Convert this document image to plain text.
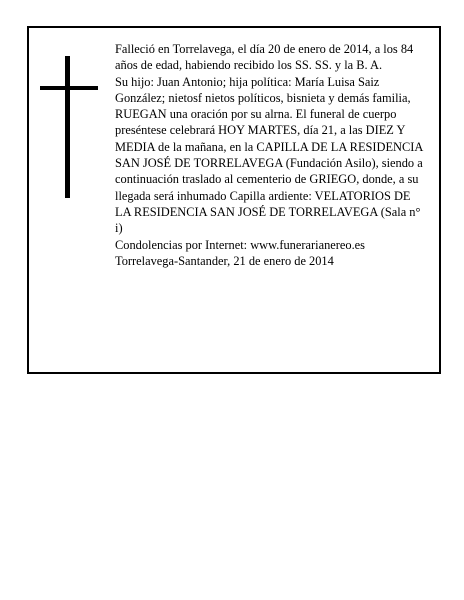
Falleció en Torrelavega, el día 20 de enero de 2014, a los 84 años de edad, habiendo recibido los SS. SS. y la B. A.

Su hijo: Juan Antonio; hija política: María Luisa Saiz González; nietosf nietos políticos, bisnieta y demás familia,

RUEGAN una oración por su alrna. El funeral de cuerpo preséntese celebrará HOY MARTES, día 21, a las DIEZ Y MEDIA de la mañana, en la CAPILLA DE LA RESIDENCIA SAN JOSÉ DE TORRELAVEGA (Fundación Asilo), siendo a continuación traslado al cementerio de GRIEGO, donde, a su llegada será inhumado Capilla ardiente: VELATORIOS DE LA RESIDENCIA SAN JOSÉ DE TORRELAVEGA (Sala n° i)

Condolencias por Internet: www.funerarianereo.es

Torrelavega-Santander, 21 de enero de 2014
